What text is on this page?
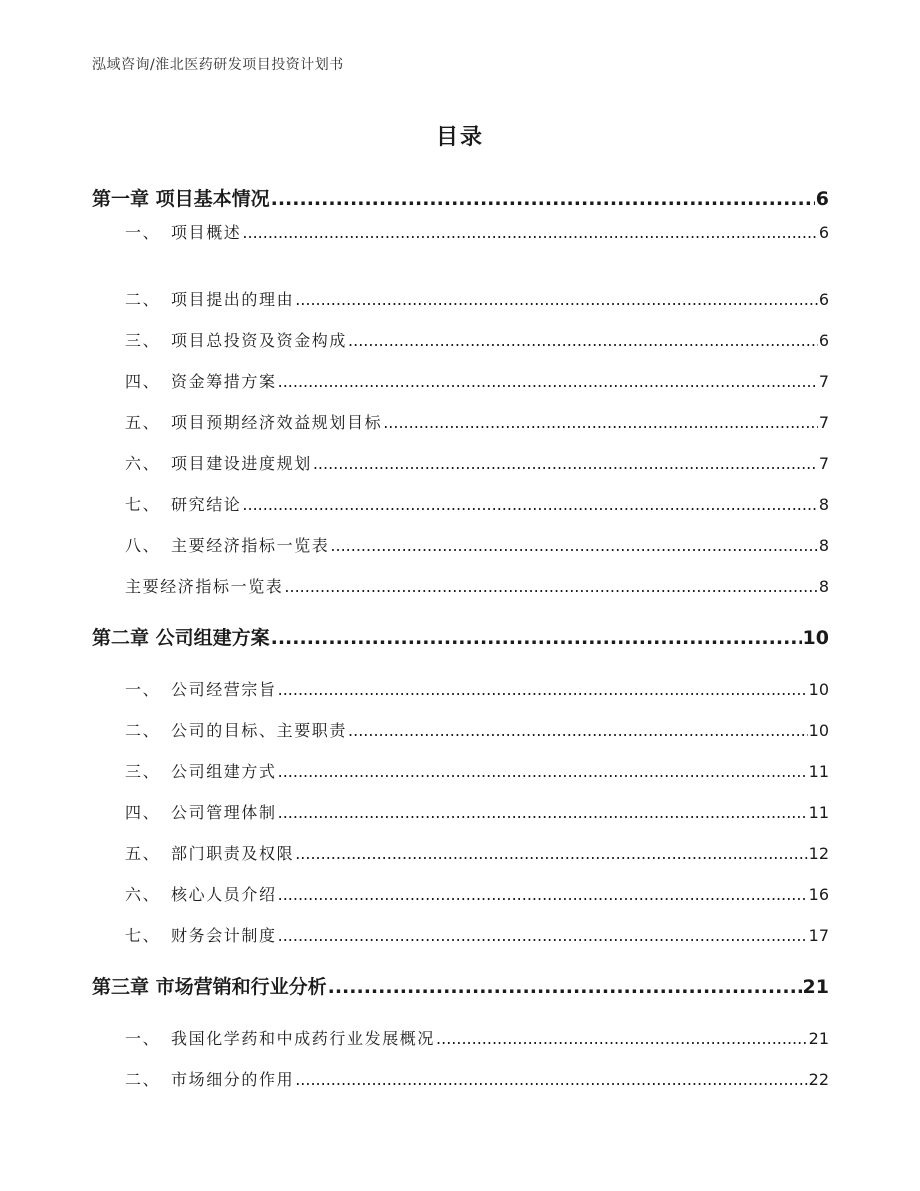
泓域咨询/淮北医药研发项目投资计划书
目录
第一章 项目基本情况 .....	6
一、 项目概述 .....	6
二、 项目提出的理由 .....	6
三、 项目总投资及资金构成 .....	6
四、 资金筹措方案 .....	7
五、 项目预期经济效益规划目标 .....	7
六、 项目建设进度规划 .....	7
七、 研究结论 .....	8
八、 主要经济指标一览表 .....	8
主要经济指标一览表 .....	8
第二章 公司组建方案 .....	10
一、 公司经营宗旨 .....	10
二、 公司的目标、主要职责 .....	10
三、 公司组建方式 .....	11
四、 公司管理体制 .....	11
五、 部门职责及权限 .....	12
六、 核心人员介绍 .....	16
七、 财务会计制度 .....	17
第三章 市场营销和行业分析 .....	21
一、 我国化学药和中成药行业发展概况 .....	21
二、 市场细分的作用 .....	22
